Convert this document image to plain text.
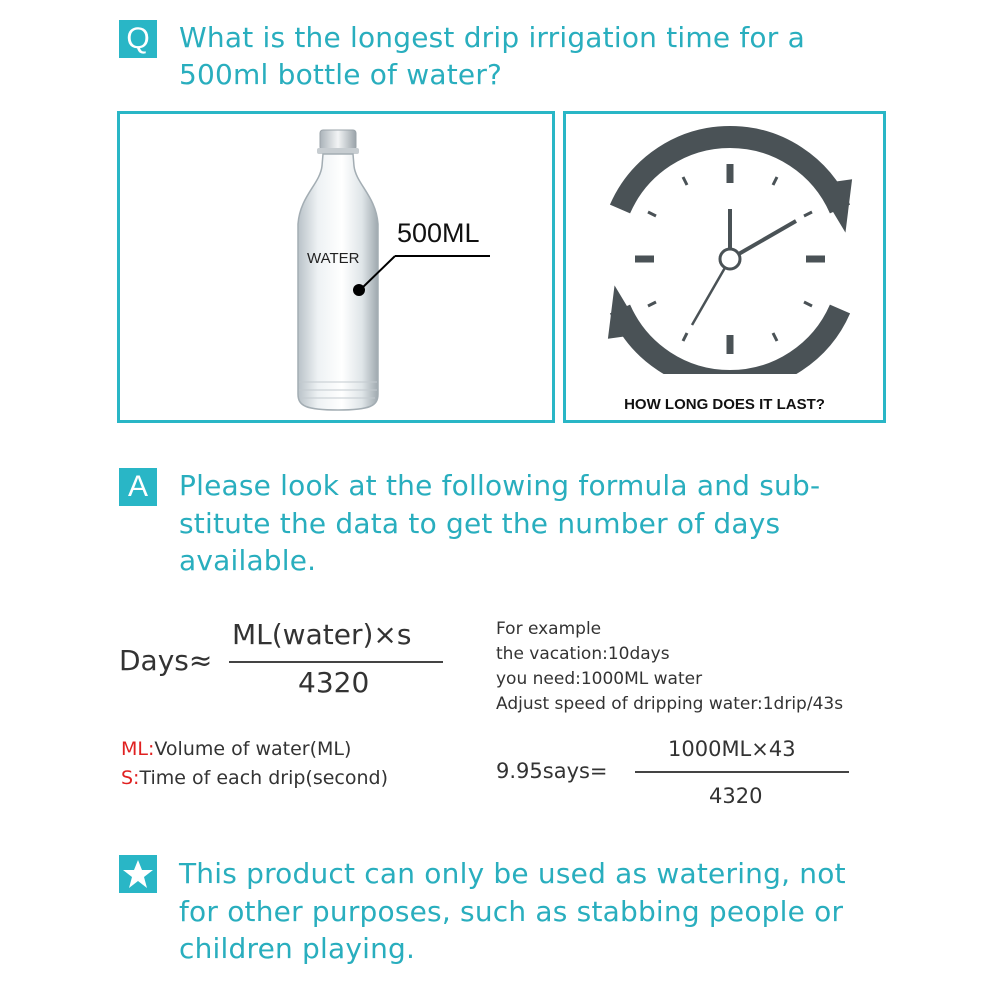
Q What is the longest drip irrigation time for a
500ml bottle of water?
WATER
500ML
HOW LONG DOES IT LAST?
A	Please look at the following formula and sub-
stitute the data to get the number of days
available.
Days≈
ML(water)×s
4320
For example
the vacation:10days
you need:1000ML water
Adjust speed of dripping water:1drip/43s
ML:Volume of water(ML)
S:Time of each drip(second)	9.95says=
1000ML×43
4320
This product can only be used as watering, not
for other purposes, such as stabbing people or
children playing.
